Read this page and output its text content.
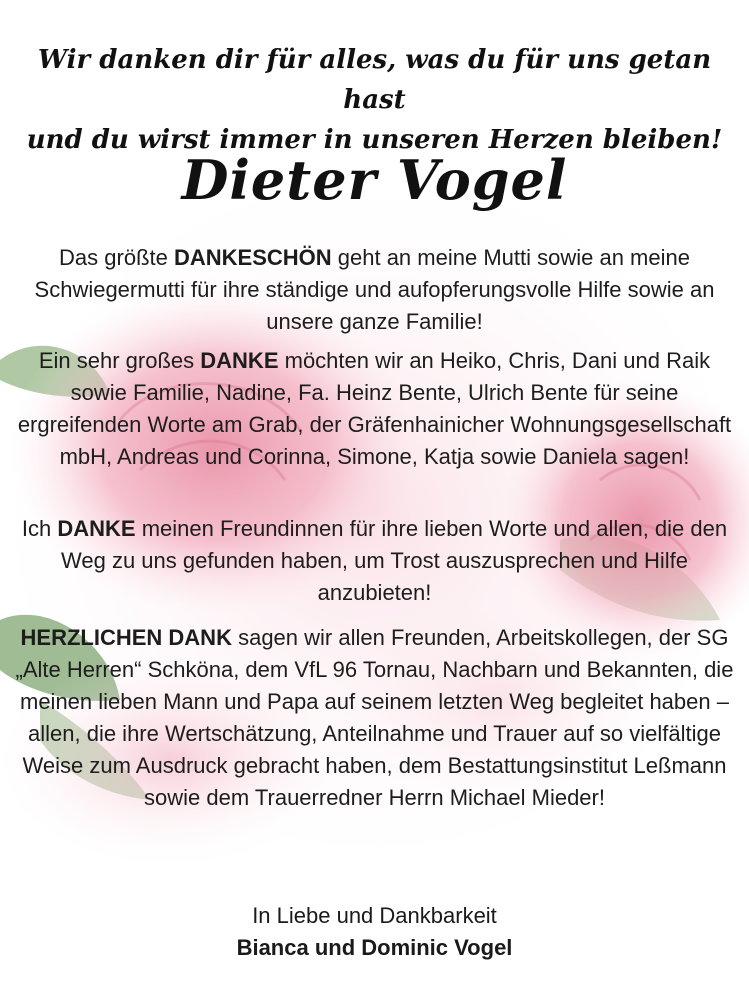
Wir danken dir für alles, was du für uns getan hast
und du wirst immer in unseren Herzen bleiben!
Dieter Vogel
Das größte DANKESCHÖN geht an meine Mutti sowie an meine Schwiegermutti für ihre ständige und aufopferungsvolle Hilfe sowie an unsere ganze Familie!
Ein sehr großes DANKE möchten wir an Heiko, Chris, Dani und Raik sowie Familie, Nadine, Fa. Heinz Bente, Ulrich Bente für seine ergreifenden Worte am Grab, der Gräfenhainicher Wohnungsgesellschaft mbH, Andreas und Corinna, Simone, Katja sowie Daniela sagen!
Ich DANKE meinen Freundinnen für ihre lieben Worte und allen, die den Weg zu uns gefunden haben, um Trost auszusprechen und Hilfe anzubieten!
HERZLICHEN DANK sagen wir allen Freunden, Arbeitskollegen, der SG „Alte Herren“ Schköna, dem VfL 96 Tornau, Nachbarn und Bekannten, die meinen lieben Mann und Papa auf seinem letzten Weg begleitet haben – allen, die ihre Wertschätzung, Anteilnahme und Trauer auf so vielfältige Weise zum Ausdruck gebracht haben, dem Bestattungsinstitut Leßmann sowie dem Trauerredner Herrn Michael Mieder!
In Liebe und Dankbarkeit
Bianca und Dominic Vogel
